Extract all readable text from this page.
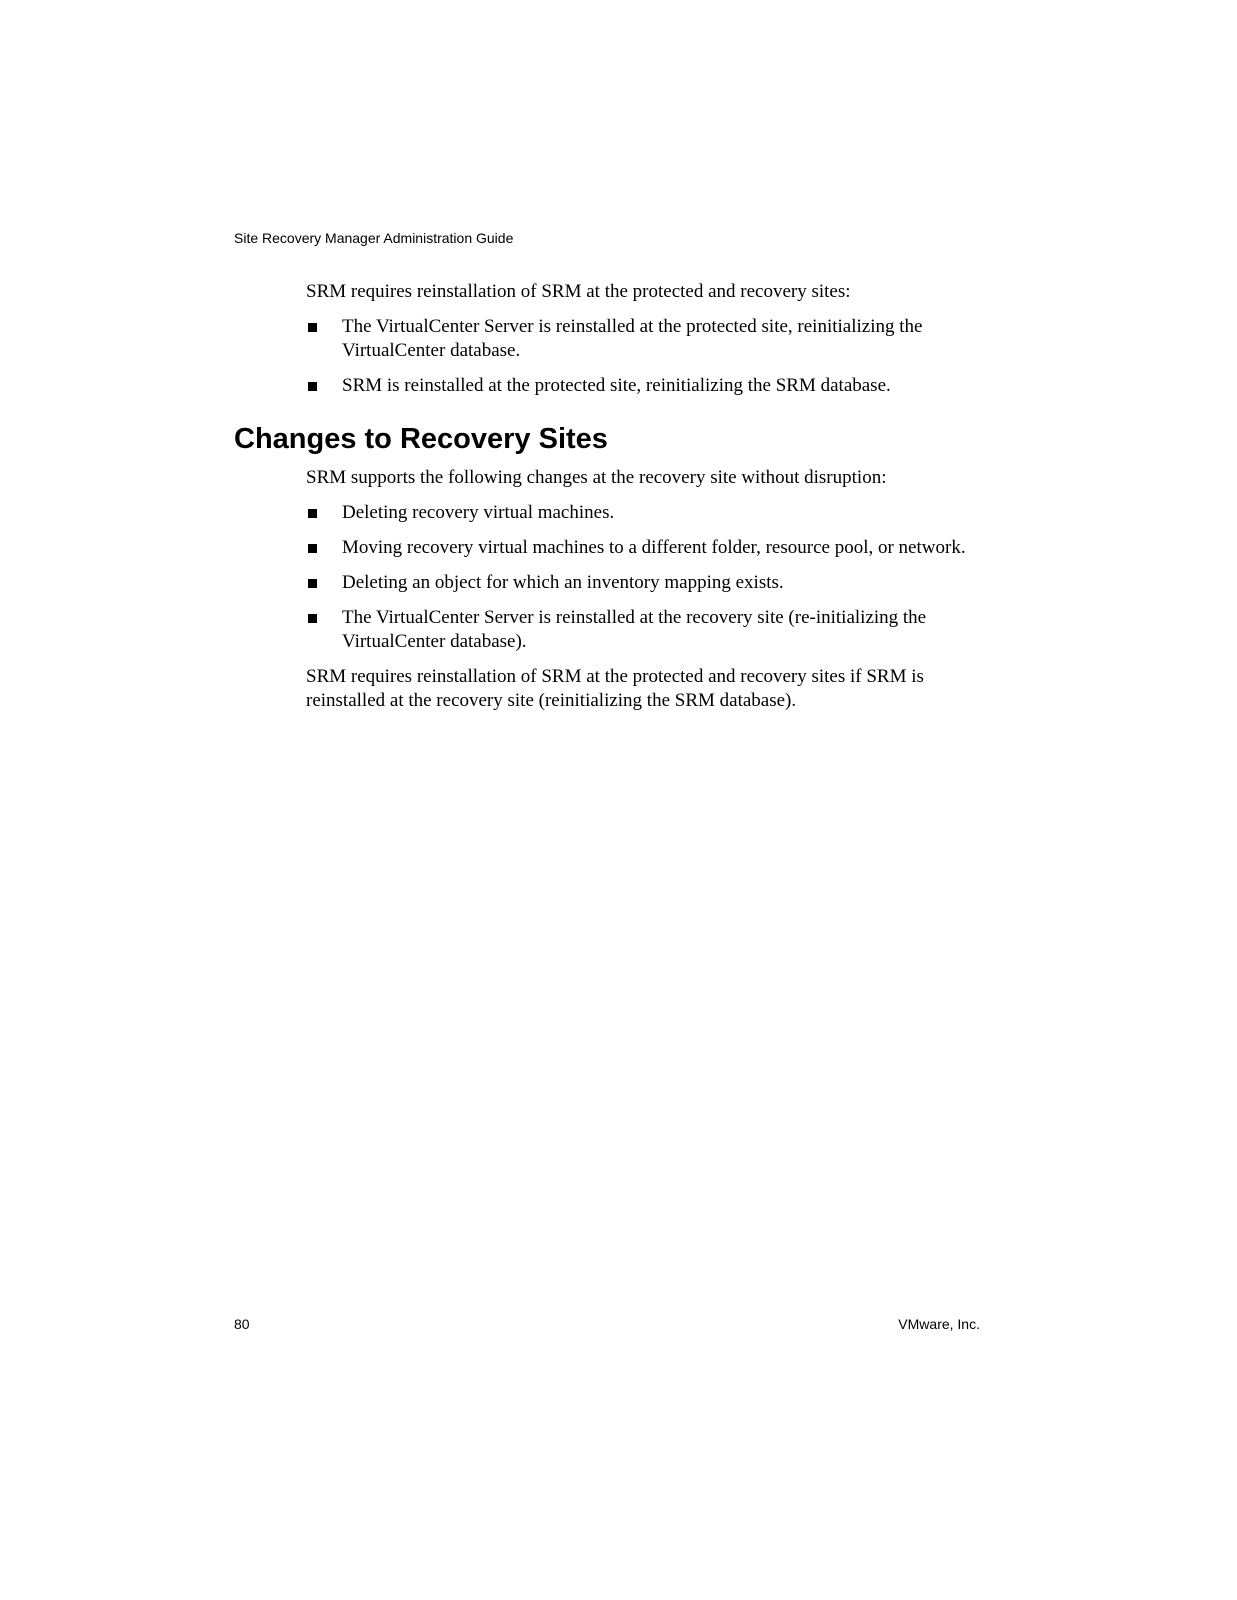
Site Recovery Manager Administration Guide

SRM requires reinstallation of SRM at the protected and recovery sites:

The VirtualCenter Server is reinstalled at the protected site, reinitializing the VirtualCenter database.
SRM is reinstalled at the protected site, reinitializing the SRM database.
Changes to Recovery Sites

SRM supports the following changes at the recovery site without disruption:

Deleting recovery virtual machines.
Moving recovery virtual machines to a different folder, resource pool, or network.
Deleting an object for which an inventory mapping exists.
The VirtualCenter Server is reinstalled at the recovery site (re-initializing the VirtualCenter database).

SRM requires reinstallation of SRM at the protected and recovery sites if SRM is reinstalled at the recovery site (reinitializing the SRM database).

80	VMware, Inc.
